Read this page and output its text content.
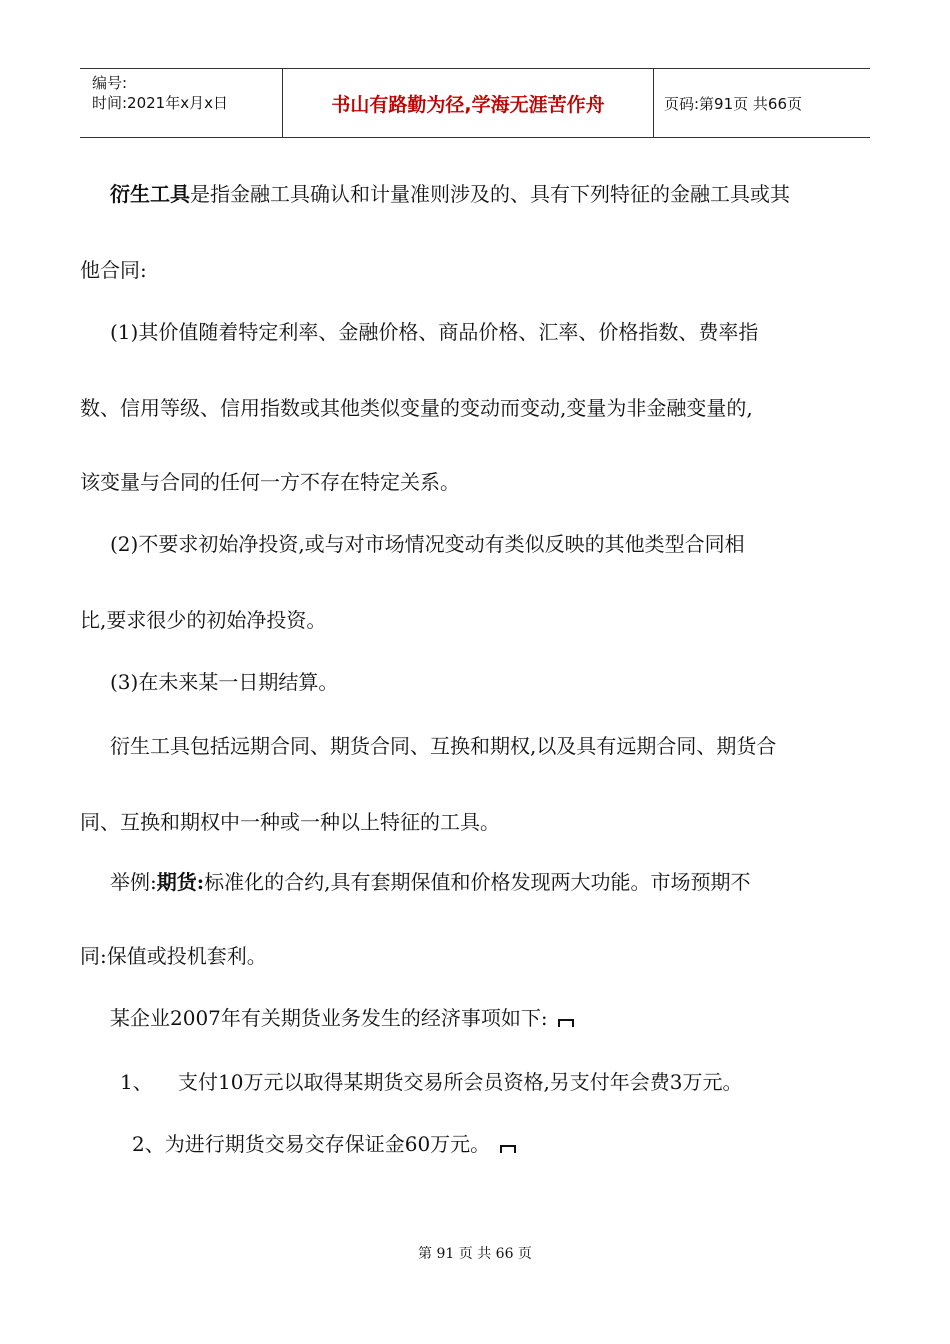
编号:
时间:2021年x月x日	书山有路勤为径,学海无涯苦作舟	页码:第91页 共66页
衍生工具是指金融工具确认和计量准则涉及的、具有下列特征的金融工具或其
他合同:
(1)其价值随着特定利率、金融价格、商品价格、汇率、价格指数、费率指
数、信用等级、信用指数或其他类似变量的变动而变动,变量为非金融变量的,
该变量与合同的任何一方不存在特定关系。
(2)不要求初始净投资,或与对市场情况变动有类似反映的其他类型合同相
比,要求很少的初始净投资。
(3)在未来某一日期结算。
衍生工具包括远期合同、期货合同、互换和期权,以及具有远期合同、期货合
同、互换和期权中一种或一种以上特征的工具。
举例:期货:标准化的合约,具有套期保值和价格发现两大功能。市场预期不
同:保值或投机套利。
某企业2007年有关期货业务发生的经济事项如下:
1、 支付10万元以取得某期货交易所会员资格,另支付年会费3万元。
2、为进行期货交易交存保证金60万元。
第 91 页 共 66 页
